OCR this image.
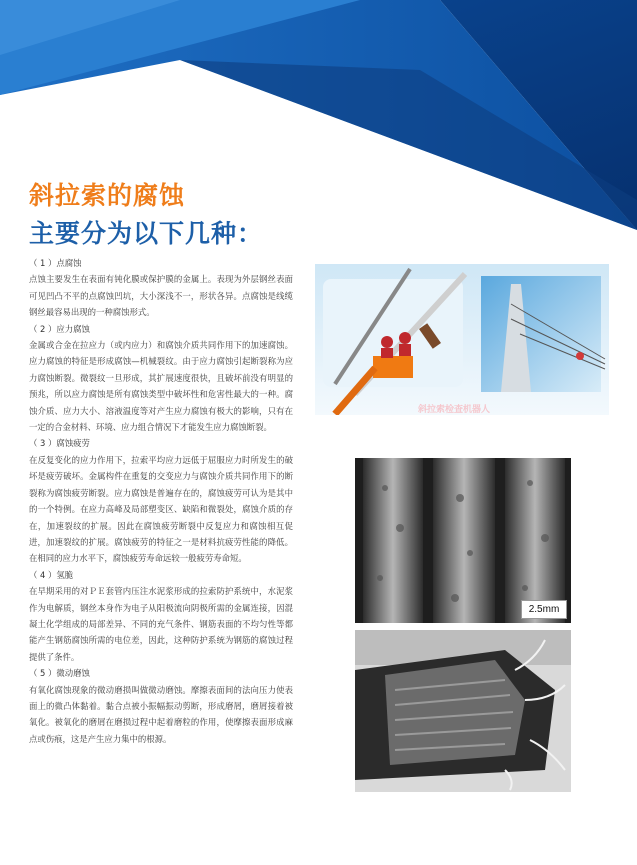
斜拉索的腐蚀
主要分为以下几种：

（ 1 ）点腐蚀

点蚀主要发生在表面有钝化膜或保护膜的金属上。表现为外层钢丝表面可见凹凸不平的点腐蚀凹坑，大小深浅不一，形状各异。点腐蚀是线缆钢丝最容易出现的一种腐蚀形式。

（ 2 ）应力腐蚀

金属或合金在拉应力（或内应力）和腐蚀介质共同作用下的加速腐蚀。应力腐蚀的特征是形成腐蚀—机械裂纹。由于应力腐蚀引起断裂称为应力腐蚀断裂。微裂纹一旦形成，其扩展速度很快，且破坏前没有明显的预兆，所以应力腐蚀是所有腐蚀类型中破坏性和危害性最大的一种。腐蚀介质、应力大小、溶液温度等对产生应力腐蚀有极大的影响，只有在一定的合金材料、环境、应力组合情况下才能发生应力腐蚀断裂。

（ 3 ）腐蚀疲劳

在反复变化的应力作用下，拉索平均应力远低于屈服应力时所发生的破坏是疲劳破坏。金属构件在重复的交变应力与腐蚀介质共同作用下的断裂称为腐蚀疲劳断裂。应力腐蚀是普遍存在的，腐蚀疲劳可认为是其中的一个特例。在应力高峰及局部塑变区、缺陷和微裂处，腐蚀介质的存在，加速裂纹的扩展。因此在腐蚀疲劳断裂中反复应力和腐蚀相互促进，加速裂纹的扩展。腐蚀疲劳的特征之一是材料抗疲劳性能的降低。在相同的应力水平下，腐蚀疲劳寿命远较一般疲劳寿命短。

（ 4 ）氢脆

在早期采用的对ＰＥ套管内压注水泥浆形成的拉索防护系统中，水泥浆作为电解质，钢丝本身作为电子从阳极流向阴极所需的金属连接，因混凝土化学组成的局部差异、不同的充气条件、钢筋表面的不均匀性等都能产生钢筋腐蚀所需的电位差，因此，这种防护系统为钢筋的腐蚀过程提供了条件。

（ 5 ）微动磨蚀

有氧化腐蚀现象的微动磨损叫做微动磨蚀。摩擦表面间的法向压力使表面上的微凸体黏着。黏合点被小振幅振动剪断，形成磨屑，磨屑接着被氧化。被氧化的磨屑在磨损过程中起着磨粒的作用，使摩擦表面形成麻点或伤痕，这是产生应力集中的根源。

斜拉索检查机器人
2.5mm
